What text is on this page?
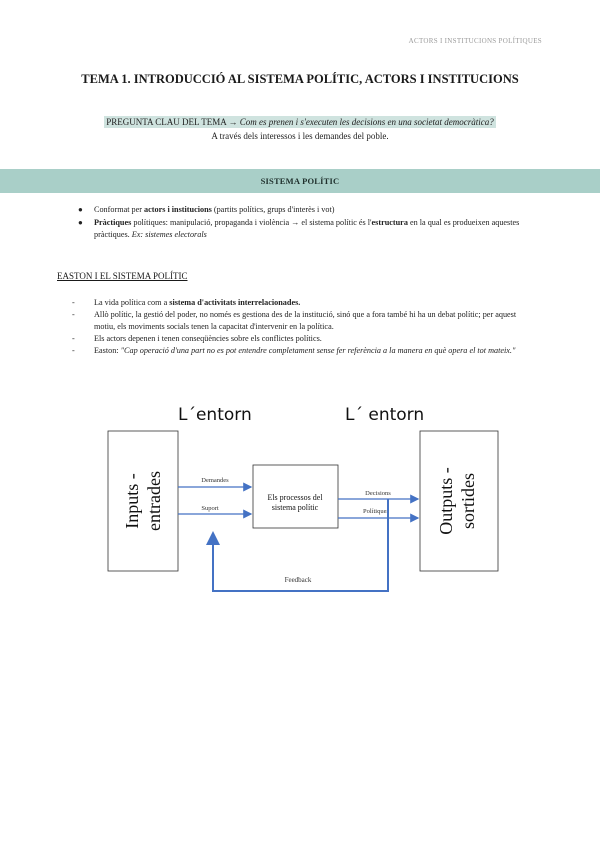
ACTORS I INSTITUCIONS POLÍTIQUES
TEMA 1. INTRODUCCIÓ AL SISTEMA POLÍTIC, ACTORS I INSTITUCIONS
PREGUNTA CLAU DEL TEMA → Com es prenen i s'executen les decisions en una societat democràtica?
A través dels interessos i les demandes del poble.
SISTEMA POLÍTIC
● Conformat per actors i institucions (partits polítics, grups d'interès i vot)
● Pràctiques polítiques: manipulació, propaganda i violència → el sistema polític és l'estructura en la qual es produeixen aquestes pràctiques. Ex: sistemes electorals
EASTON I EL SISTEMA POLÍTIC
- La vida política com a sistema d'activitats interrelacionades.
- Allò polític, la gestió del poder, no només es gestiona des de la institució, sinó que a fora també hi ha un debat polític; per aquest motiu, els moviments socials tenen la capacitat d'intervenir en la política.
- Els actors depenen i tenen conseqüències sobre els conflictes polítics.
- Easton: "Cap operació d'una part no es pot entendre completament sense fer referència a la manera en què opera el tot mateix."
L´entorn	L´ entorn
Inputs - entrades	Els processos del
sistema polític	Outputs - sortides
Demandes
Suport
Decisions
Polítiques
Feedback
